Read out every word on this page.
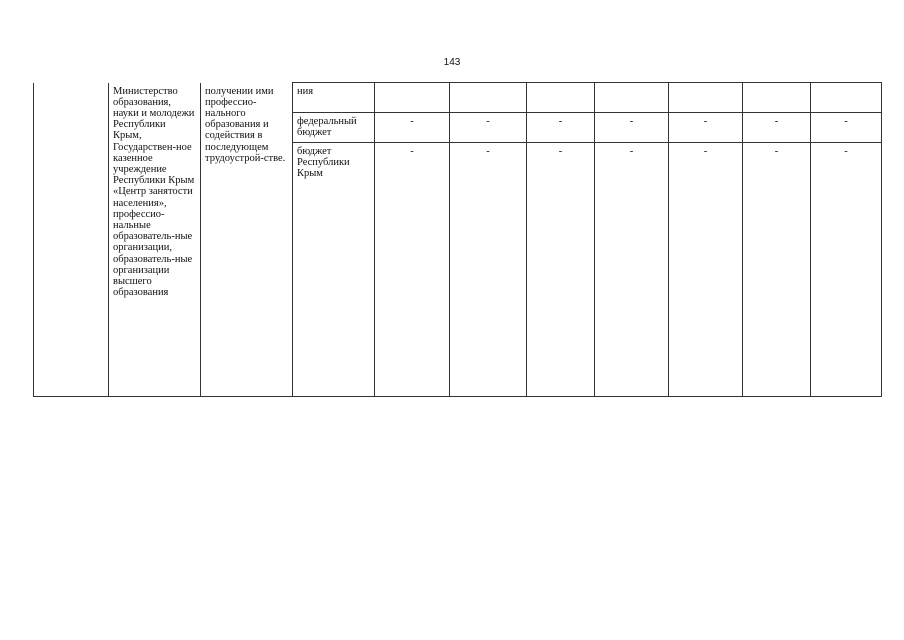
143
	Министерство образования, науки и молодежи Республики Крым, Государствен-ное казенное учреждение Республики Крым «Центр занятости населения», профессио-нальные образователь-ные организации, образователь-ные организации высшего образования	получении ими профессио-нального образования и содействия в последующем трудоустрой-стве.	ния							
			федеральный бюджет	-	-	-	-	-	-	-
			бюджет Республики Крым	-	-	-	-	-	-	-
